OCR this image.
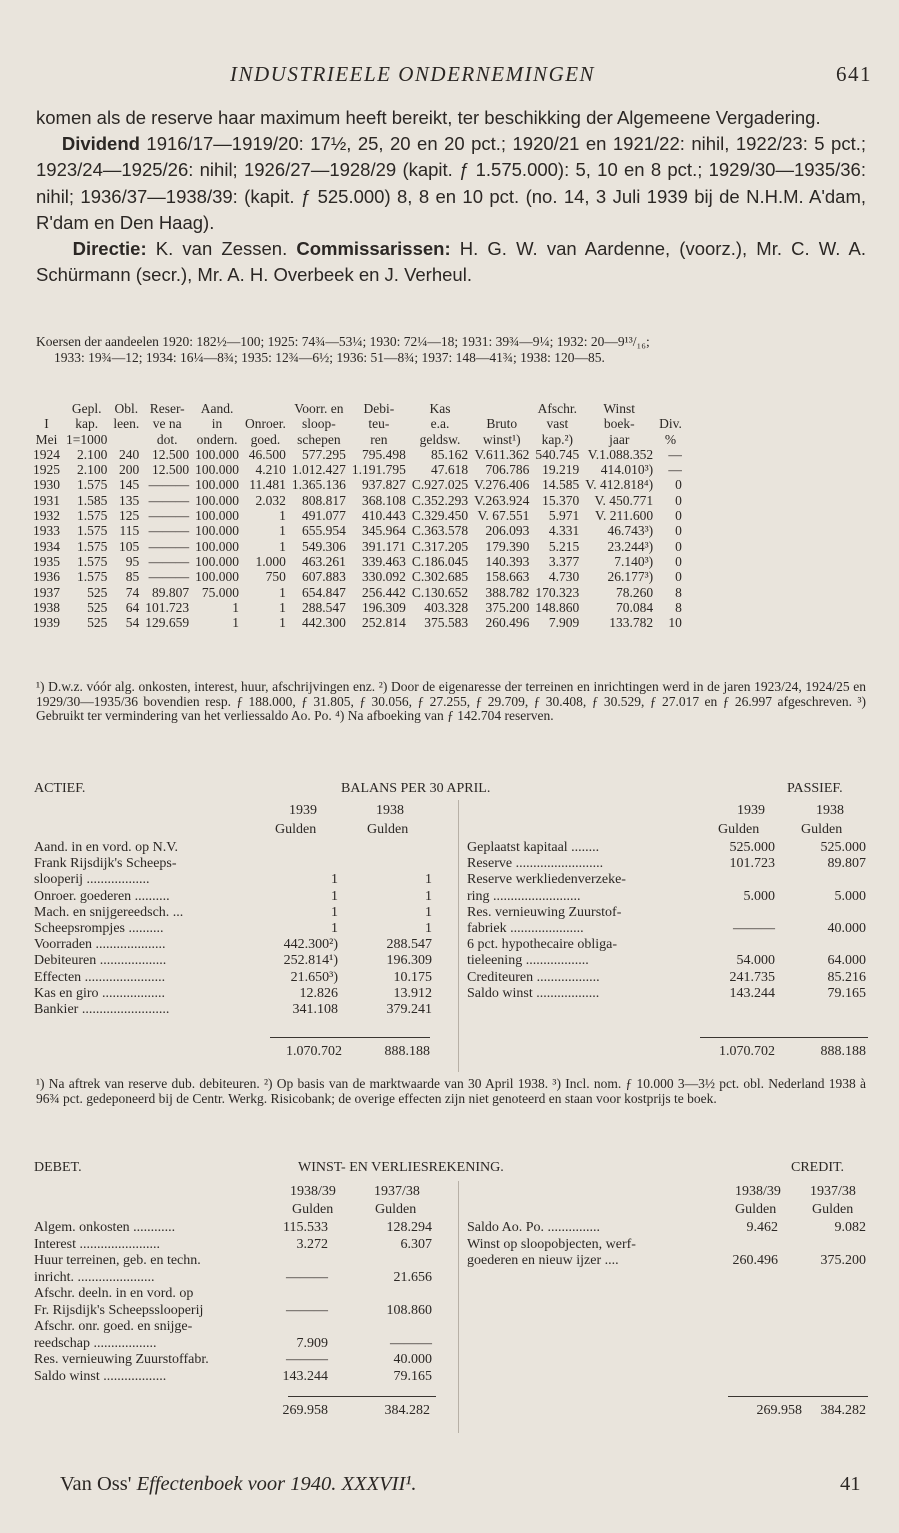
INDUSTRIEELE ONDERNEMINGEN	641

komen als de reserve haar maximum heeft bereikt, ter beschikking der Algemeene Vergadering.

Dividend 1916/17—1919/20: 17½, 25, 20 en 20 pct.; 1920/21 en 1921/22: nihil, 1922/23: 5 pct.; 1923/24—1925/26: nihil; 1926/27—1928/29 (kapit. ƒ 1.575.000): 5, 10 en 8 pct.; 1929/30—1935/36: nihil; 1936/37—1938/39: (kapit. ƒ 525.000) 8, 8 en 10 pct. (no. 14, 3 Juli 1939 bij de N.H.M. A'dam, R'dam en Den Haag).

Directie: K. van Zessen. Commissarissen: H. G. W. van Aardenne, (voorz.), Mr. C. W. A. Schürmann (secr.), Mr. A. H. Overbeek en J. Verheul.

Koersen der aandeelen 1920: 182½—100; 1925: 74¾—53¼; 1930: 72¼—18; 1931: 39¾—9¼; 1932: 20—9¹³/₁₆;
1933: 19¾—12; 1934: 16¼—8¾; 1935: 12¾—6½; 1936: 51—8¾; 1937: 148—41¾; 1938: 120—85.
	Gepl.	Obl.	Reser-	Aand.		Voorr. en	Debi-	Kas		Afschr.	Winst	
I	kap.	leen.	ve na	in	Onroer.	sloop-	teu-	e.a.	Bruto	vast	boek-	Div.
Mei	1=1000		dot.	ondern.	goed.	schepen	ren	geldsw.	winst¹)	kap.²)	jaar	%
1924	2.100	240	12.500	100.000	46.500	577.295	795.498	85.162	V.611.362	540.745	V.1.088.352	—
1925	2.100	200	12.500	100.000	4.210	1.012.427	1.191.795	47.618	706.786	19.219	414.010³)	—
1930	1.575	145	———	100.000	11.481	1.365.136	937.827	C.927.025	V.276.406	14.585	V. 412.818⁴)	0
1931	1.585	135	———	100.000	2.032	808.817	368.108	C.352.293	V.263.924	15.370	V. 450.771	0
1932	1.575	125	———	100.000	1	491.077	410.443	C.329.450	V. 67.551	5.971	V. 211.600	0
1933	1.575	115	———	100.000	1	655.954	345.964	C.363.578	206.093	4.331	46.743³)	0
1934	1.575	105	———	100.000	1	549.306	391.171	C.317.205	179.390	5.215	23.244³)	0
1935	1.575	95	———	100.000	1.000	463.261	339.463	C.186.045	140.393	3.377	7.140³)	0
1936	1.575	85	———	100.000	750	607.883	330.092	C.302.685	158.663	4.730	26.177³)	0
1937	525	74	89.807	75.000	1	654.847	256.442	C.130.652	388.782	170.323	78.260	8
1938	525	64	101.723	1	1	288.547	196.309	403.328	375.200	148.860	70.084	8
1939	525	54	129.659	1	1	442.300	252.814	375.583	260.496	7.909	133.782	10
¹) D.w.z. vóór alg. onkosten, interest, huur, afschrijvingen enz. ²) Door de eigenaresse der terreinen en inrichtingen werd in de jaren 1923/24, 1924/25 en 1929/30—1935/36 bovendien resp. ƒ 188.000, ƒ 31.805, ƒ 30.056, ƒ 27.255, ƒ 29.709, ƒ 30.408, ƒ 30.529, ƒ 27.017 en ƒ 26.997 afgeschreven. ³) Gebruikt ter vermindering van het verliessaldo Ao. Po. ⁴) Na afboeking van ƒ 142.704 reserven.
ACTIEF.	BALANS PER 30 APRIL.	PASSIEF.
1939	1938
Gulden	Gulden
1939	1938
Gulden	Gulden
Aand. in en vord. op N.V.
Frank Rijsdijk's Scheeps-
slooperij ..................	1	1
Onroer. goederen ..........	1	1
Mach. en snijgereedsch. ...	1	1
Scheepsrompjes ..........	1	1
Voorraden ....................	442.300²)	288.547
Debiteuren ...................	252.814¹)	196.309
Effecten .......................	21.650³)	10.175
Kas en giro ..................	12.826	13.912
Bankier .........................	341.108	379.241
Geplaatst kapitaal ........	525.000	525.000
Reserve .........................	101.723	89.807
Reserve werkliedenverzeke-
ring .........................	5.000	5.000
Res. vernieuwing Zuurstof-
fabriek .....................	———	40.000
6 pct. hypothecaire obliga-
tieleening ..................	54.000	64.000
Crediteuren ..................	241.735	85.216
Saldo winst ..................	143.244	79.165
1.070.702	888.188	1.070.702	888.188
¹) Na aftrek van reserve dub. debiteuren. ²) Op basis van de marktwaarde van 30 April 1938. ³) Incl. nom. ƒ 10.000 3—3½ pct. obl. Nederland 1938 à 96¾ pct. gedeponeerd bij de Centr. Werkg. Risicobank; de overige effecten zijn niet genoteerd en staan voor kostprijs te boek.
DEBET.	WINST- EN VERLIESREKENING.	CREDIT.
1938/39	1937/38
Gulden	Gulden
1938/39 1937/38
Gulden	Gulden
Algem. onkosten ............	115.533	128.294
Interest .......................	3.272	6.307
Huur terreinen, geb. en techn.
inricht. ......................	———	21.656
Afschr. deeln. in en vord. op
Fr. Rijsdijk's Scheepsslooperij	———	108.860
Afschr. onr. goed. en snijge-
reedschap ..................	7.909	———
Res. vernieuwing Zuurstoffabr.	———	40.000
Saldo winst ..................	143.244	79.165
Saldo Ao. Po. ...............	9.462	9.082
Winst op sloopobjecten, werf-
goederen en nieuw ijzer ....	260.496	375.200
269.958	384.282	269.958	384.282
Van Oss' Effectenboek voor 1940. XXXVII¹.	41
